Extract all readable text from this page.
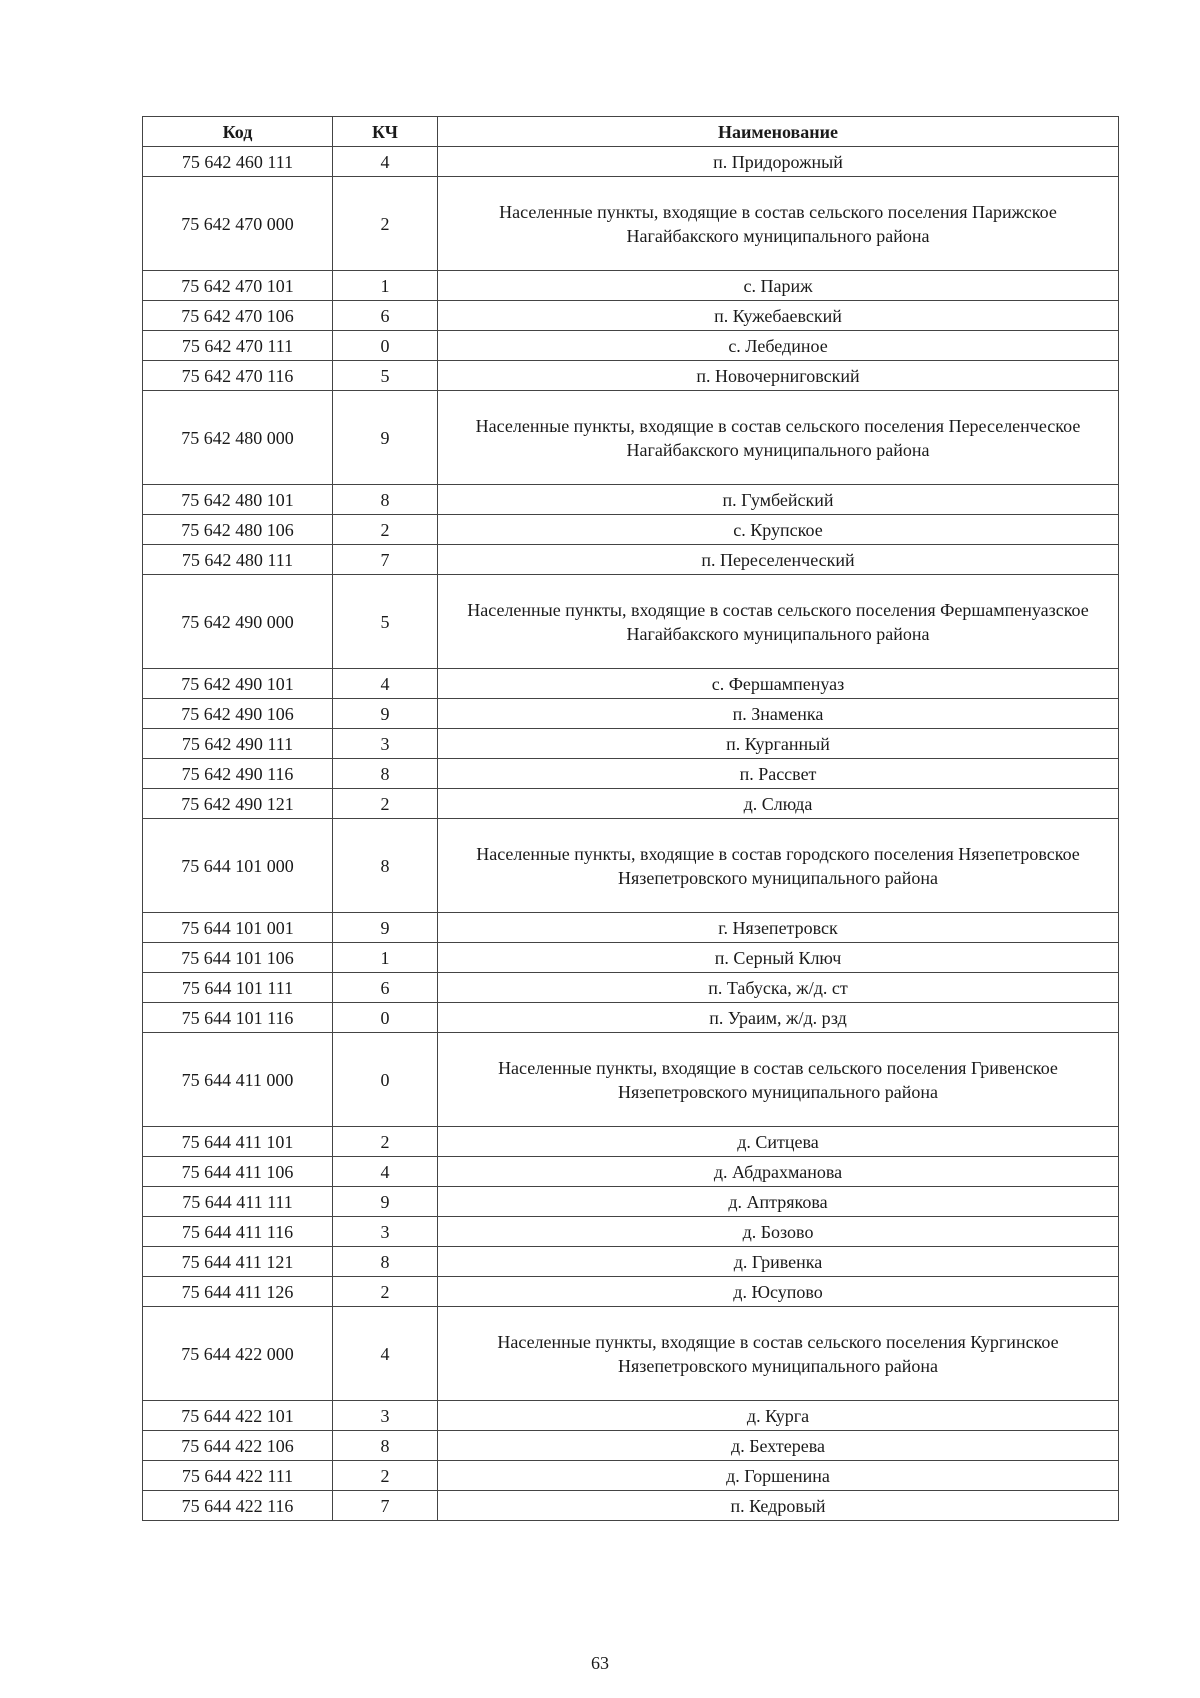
Код	КЧ	Наименование
75 642 460 111	4	п. Придорожный
75 642 470 000	2	Населенные пункты, входящие в состав сельского поселения Парижское Нагайбакского муниципального района
75 642 470 101	1	с. Париж
75 642 470 106	6	п. Кужебаевский
75 642 470 111	0	с. Лебединое
75 642 470 116	5	п. Новочерниговский
75 642 480 000	9	Населенные пункты, входящие в состав сельского поселения Переселенческое Нагайбакского муниципального района
75 642 480 101	8	п. Гумбейский
75 642 480 106	2	с. Крупское
75 642 480 111	7	п. Переселенческий
75 642 490 000	5	Населенные пункты, входящие в состав сельского поселения Фершампенуазское Нагайбакского муниципального района
75 642 490 101	4	с. Фершампенуаз
75 642 490 106	9	п. Знаменка
75 642 490 111	3	п. Курганный
75 642 490 116	8	п. Рассвет
75 642 490 121	2	д. Слюда
75 644 101 000	8	Населенные пункты, входящие в состав городского поселения Нязепетровское Нязепетровского муниципального района
75 644 101 001	9	г. Нязепетровск
75 644 101 106	1	п. Серный Ключ
75 644 101 111	6	п. Табуска, ж/д. ст
75 644 101 116	0	п. Ураим, ж/д. рзд
75 644 411 000	0	Населенные пункты, входящие в состав сельского поселения Гривенское Нязепетровского муниципального района
75 644 411 101	2	д. Ситцева
75 644 411 106	4	д. Абдрахманова
75 644 411 111	9	д. Аптрякова
75 644 411 116	3	д. Бозово
75 644 411 121	8	д. Гривенка
75 644 411 126	2	д. Юсупово
75 644 422 000	4	Населенные пункты, входящие в состав сельского поселения Кургинское Нязепетровского муниципального района
75 644 422 101	3	д. Курга
75 644 422 106	8	д. Бехтерева
75 644 422 111	2	д. Горшенина
75 644 422 116	7	п. Кедровый
63
